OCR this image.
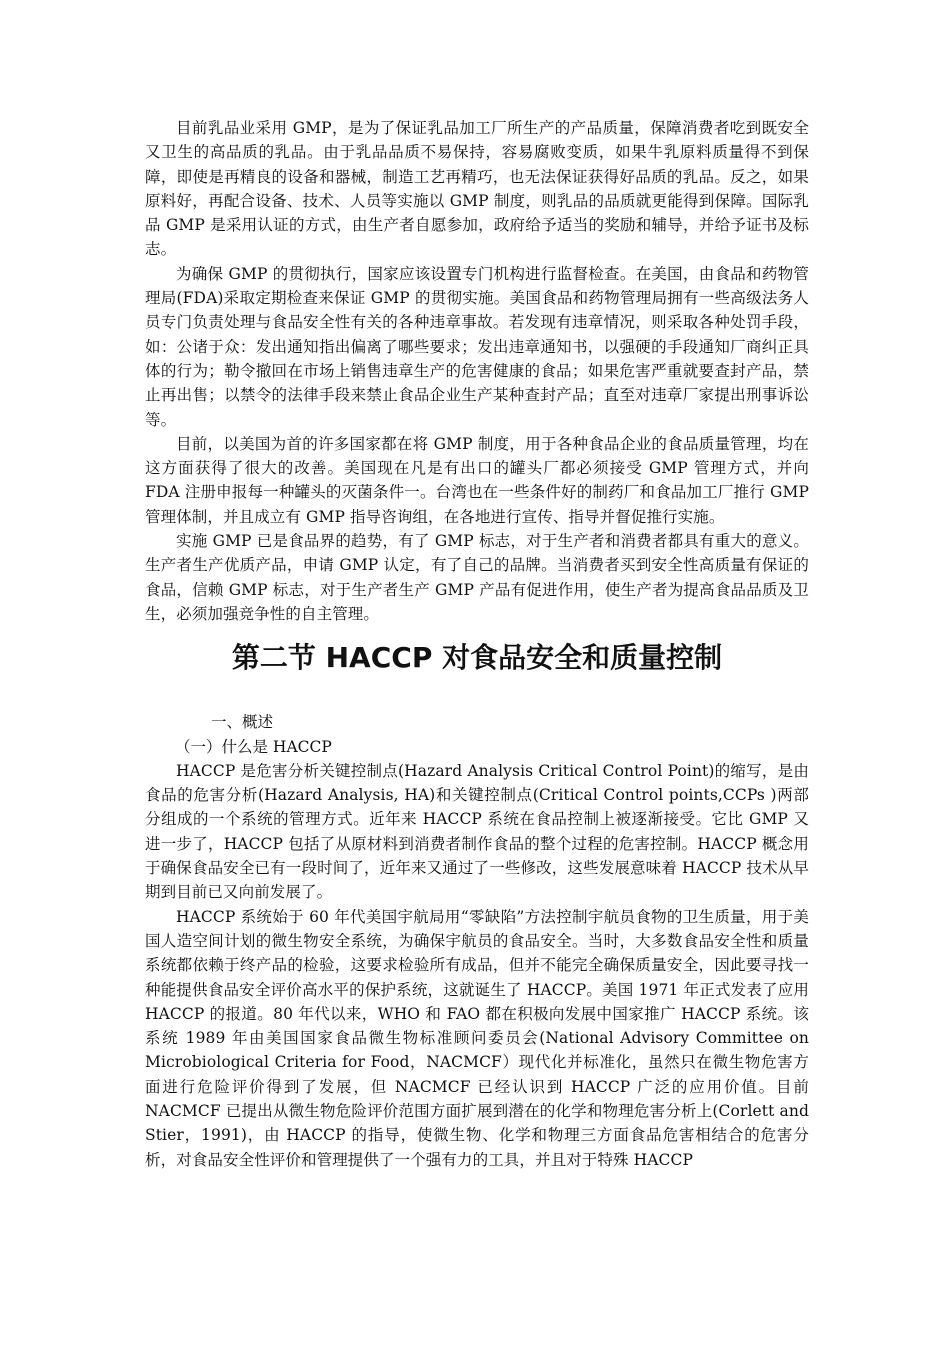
目前乳品业采用 GMP，是为了保证乳品加工厂所生产的产品质量，保障消费者吃到既安全又卫生的高品质的乳品。由于乳品品质不易保持，容易腐败变质，如果牛乳原料质量得不到保障，即使是再精良的设备和器械，制造工艺再精巧，也无法保证获得好品质的乳品。反之，如果原料好，再配合设备、技术、人员等实施以 GMP 制度，则乳品的品质就更能得到保障。国际乳品 GMP 是采用认证的方式，由生产者自愿参加，政府给予适当的奖励和辅导，并给予证书及标志。

为确保 GMP 的贯彻执行，国家应该设置专门机构进行监督检查。在美国，由食品和药物管理局(FDA)采取定期检查来保证 GMP 的贯彻实施。美国食品和药物管理局拥有一些高级法务人员专门负责处理与食品安全性有关的各种违章事故。若发现有违章情况，则采取各种处罚手段，如：公诸于众：发出通知指出偏离了哪些要求；发出违章通知书，以强硬的手段通知厂商纠正具体的行为；勒令撤回在市场上销售违章生产的危害健康的食品；如果危害严重就要查封产品，禁止再出售；以禁令的法律手段来禁止食品企业生产某种查封产品；直至对违章厂家提出刑事诉讼等。

目前，以美国为首的许多国家都在将 GMP 制度，用于各种食品企业的食品质量管理，均在这方面获得了很大的改善。美国现在凡是有出口的罐头厂都必须接受 GMP 管理方式，并向 FDA 注册申报每一种罐头的灭菌条件一。台湾也在一些条件好的制药厂和食品加工厂推行 GMP 管理体制，并且成立有 GMP 指导咨询组，在各地进行宣传、指导并督促推行实施。

实施 GMP 已是食品界的趋势，有了 GMP 标志，对于生产者和消费者都具有重大的意义。生产者生产优质产品，申请 GMP 认定，有了自己的品牌。当消费者买到安全性高质量有保证的食品，信赖 GMP 标志，对于生产者生产 GMP 产品有促进作用，使生产者为提高食品品质及卫生，必须加强竞争性的自主管理。

第二节 HACCP 对食品安全和质量控制
一、概述
（一）什么是 HACCP

HACCP 是危害分析关键控制点(Hazard Analysis Critical Control Point)的缩写，是由食品的危害分析(Hazard Analysis, HA)和关键控制点(Critical Control points,CCPs )两部分组成的一个系统的管理方式。近年来 HACCP 系统在食品控制上被逐渐接受。它比 GMP 又进一步了，HACCP 包括了从原材料到消费者制作食品的整个过程的危害控制。HACCP 概念用于确保食品安全已有一段时间了，近年来又通过了一些修改，这些发展意味着 HACCP 技术从早期到目前已又向前发展了。

HACCP 系统始于 60 年代美国宇航局用“零缺陷”方法控制宇航员食物的卫生质量，用于美国人造空间计划的微生物安全系统，为确保宇航员的食品安全。当时，大多数食品安全性和质量系统都依赖于终产品的检验，这要求检验所有成品，但并不能完全确保质量安全，因此要寻找一种能提供食品安全评价高水平的保护系统，这就诞生了 HACCP。美国 1971 年正式发表了应用 HACCP 的报道。80 年代以来，WHO 和 FAO 都在积极向发展中国家推广 HACCP 系统。该系统 1989 年由美国国家食品微生物标准顾问委员会(National Advisory Committee on Microbiological Criteria for Food，NACMCF）现代化并标准化，虽然只在微生物危害方面进行危险评价得到了发展，但 NACMCF 已经认识到 HACCP 广泛的应用价值。目前 NACMCF 已提出从微生物危险评价范围方面扩展到潜在的化学和物理危害分析上(Corlett and Stier，1991)，由 HACCP 的指导，使微生物、化学和物理三方面食品危害相结合的危害分析，对食品安全性评价和管理提供了一个强有力的工具，并且对于特殊 HACCP
